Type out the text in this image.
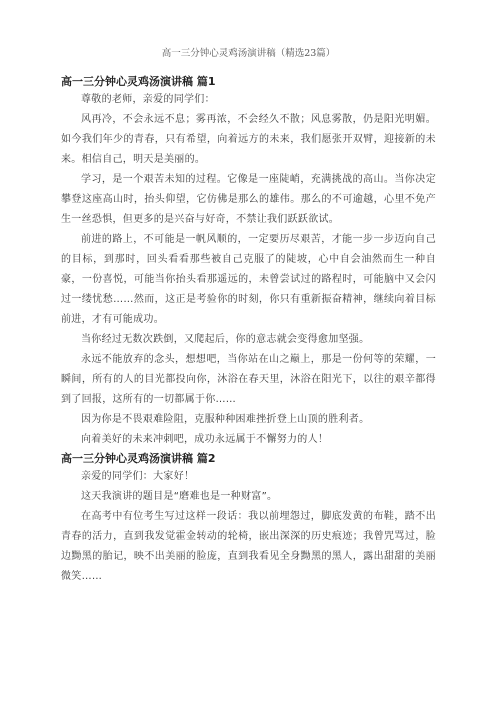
高一三分钟心灵鸡汤演讲稿（精选23篇）
高一三分钟心灵鸡汤演讲稿 篇1

尊敬的老师，亲爱的同学们：

风再冷，不会永远不息；雾再浓，不会经久不散；风息雾散，仍是阳光明媚。如今我们年少的青春，只有希望，向着远方的未来，我们愿张开双臂，迎接新的未来。相信自己，明天是美丽的。

学习，是一个艰苦未知的过程。它像是一座陡峭，充满挑战的高山。当你决定攀登这座高山时，抬头仰望，它仿佛是那么的雄伟。那么的不可逾越，心里不免产生一丝恐惧，但更多的是兴奋与好奇，不禁让我们跃跃欲试。

前进的路上，不可能是一帆风顺的，一定要历尽艰苦，才能一步一步迈向自己的目标，到那时，回头看看那些被自己克服了的陡坡，心中自会油然而生一种自豪，一份喜悦，可能当你抬头看那遥远的，未曾尝试过的路程时，可能脑中又会闪过一缕忧愁……然而，这正是考验你的时刻，你只有重新振奋精神，继续向着目标前进，才有可能成功。

当你经过无数次跌倒，又爬起后，你的意志就会变得愈加坚强。

永远不能放弃的念头，想想吧，当你站在山之巅上，那是一份何等的荣耀，一瞬间，所有的人的目光都投向你，沐浴在春天里，沐浴在阳光下，以往的艰辛都得到了回报，这所有的一切都属于你……

因为你是不畏艰难险阻，克服种种困难挫折登上山顶的胜利者。

向着美好的未来冲刺吧，成功永远属于不懈努力的人！

高一三分钟心灵鸡汤演讲稿 篇2

亲爱的同学们：大家好！

这天我演讲的题目是“磨难也是一种财富”。

在高考中有位考生写过这样一段话：我以前埋怨过，脚底发黄的布鞋，踏不出青春的活力，直到我发觉霍金转动的轮椅，嵌出深深的历史痕迹；我曾咒骂过，脸边黝黑的胎记，映不出美丽的脸庞，直到我看见全身黝黑的黑人，露出甜甜的美丽微笑……
